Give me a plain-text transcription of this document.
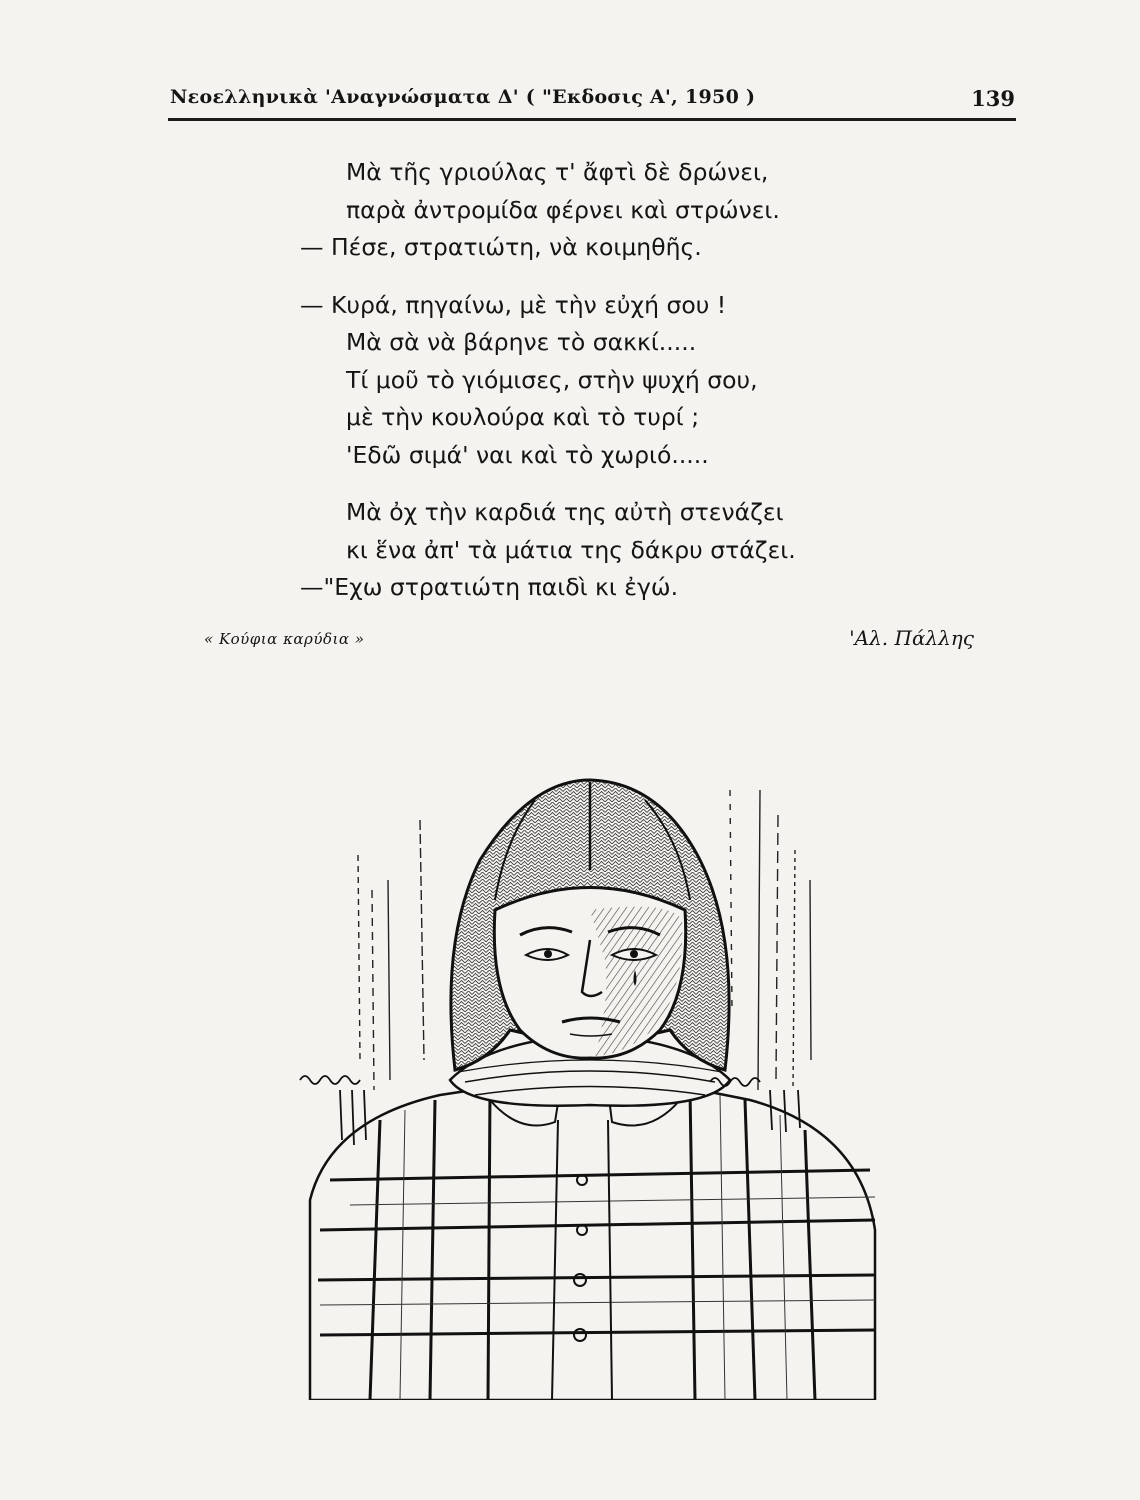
Νεοελληνικὰ 'Αναγνώσματα Δ' ( "Εκδοσις Α', 1950 )	139
Μὰ τῆς γριούλας τ' ἄφτὶ δὲ δρώνει,
παρὰ ἀντρομίδα φέρνει καὶ στρώνει.
— Πέσε, στρατιώτη, νὰ κοιμηθῆς.
— Κυρά, πηγαίνω, μὲ τὴν εὐχή σου !
Μὰ σὰ νὰ βάρηνε τὸ σακκί.....
Τί μοῦ τὸ γιόμισες, στὴν ψυχή σου,
μὲ τὴν κουλούρα καὶ τὸ τυρί ;
'Εδῶ σιμά' ναι καὶ τὸ χωριό.....
Μὰ ὀχ τὴν καρδιά της αὐτὴ στενάζει
κι ἕνα ἀπ' τὰ μάτια της δάκρυ στάζει.
—"Εχω στρατιώτη παιδὶ κι ἐγώ.
« Κούφια καρύδια »	'Αλ. Πάλλης
